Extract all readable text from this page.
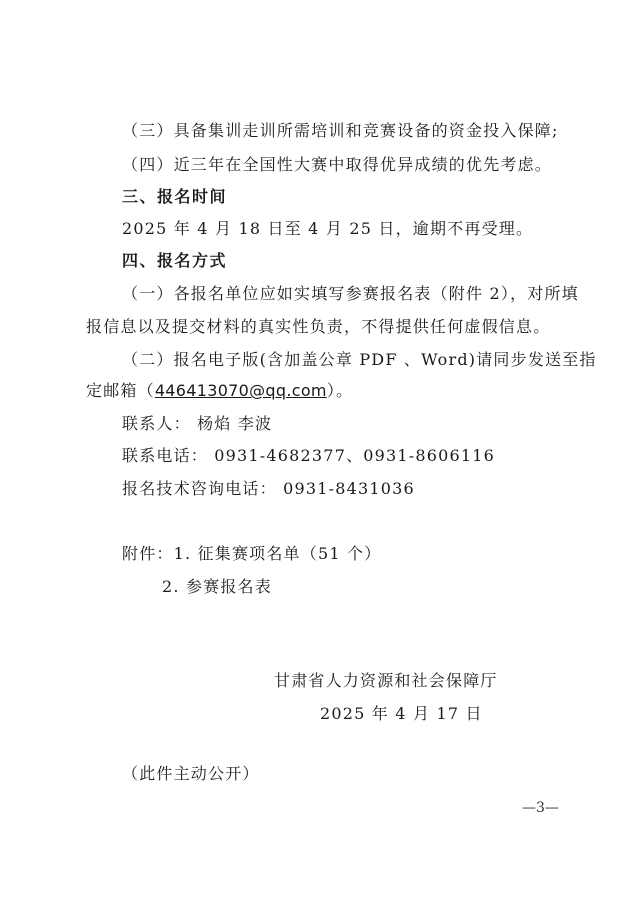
（三）具备集训走训所需培训和竞赛设备的资金投入保障;
（四）近三年在全国性大赛中取得优异成绩的优先考虑。
三、报名时间
2025 年 4 月 18 日至 4 月 25 日，逾期不再受理。
四、报名方式
（一）各报名单位应如实填写参赛报名表（附件 2），对所填
报信息以及提交材料的真实性负责，不得提供任何虚假信息。
（二）报名电子版(含加盖公章 PDF 、Word)请同步发送至指
定邮箱（446413070@qq.com）。
联系人： 杨焰 李波
联系电话： 0931-4682377、0931-8606116
报名技术咨询电话： 0931-8431036
附件：1. 征集赛项名单（51 个）
2. 参赛报名表
甘肃省人力资源和社会保障厅
2025 年 4 月 17 日
（此件主动公开）
—3—
